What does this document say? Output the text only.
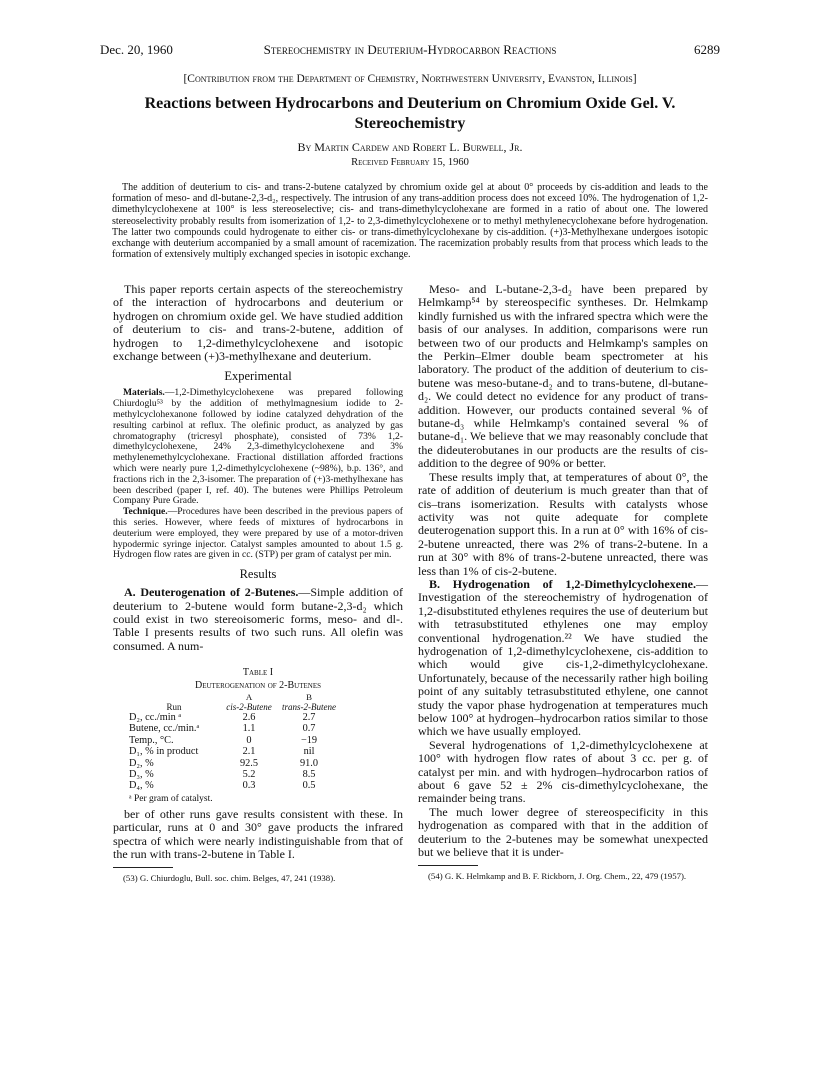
Dec. 20, 1960	Stereochemistry in Deuterium-Hydrocarbon Reactions	6289
[Contribution from the Department of Chemistry, Northwestern University, Evanston, Illinois]
Reactions between Hydrocarbons and Deuterium on Chromium Oxide Gel. V.
Stereochemistry
By Martin Cardew and Robert L. Burwell, Jr.
Received February 15, 1960

The addition of deuterium to cis- and trans-2-butene catalyzed by chromium oxide gel at about 0° proceeds by cis-addition and leads to the formation of meso- and dl-butane-2,3-d₂, respectively. The intrusion of any trans-addition process does not exceed 10%. The hydrogenation of 1,2-dimethylcyclohexene at 100° is less stereoselective; cis- and trans-dimethylcyclohexane are formed in a ratio of about one. The lowered stereoselectivity probably results from isomerization of 1,2- to 2,3-dimethylcyclohexene or to methyl methylenecyclohexane before hydrogenation. The latter two compounds could hydrogenate to either cis- or trans-dimethylcyclohexane by cis-addition. (+)3-Methylhexane undergoes isotopic exchange with deuterium accompanied by a small amount of racemization. The racemization probably results from that process which leads to the formation of extensively multiply exchanged species in isotopic exchange.

This paper reports certain aspects of the stereochemistry of the interaction of hydrocarbons and deuterium or hydrogen on chromium oxide gel. We have studied addition of deuterium to cis- and trans-2-butene, addition of hydrogen to 1,2-dimethylcyclohexene and isotopic exchange between (+)3-methylhexane and deuterium.

Experimental

Materials.—1,2-Dimethylcyclohexene was prepared following Chiurdoglu⁵³ by the addition of methylmagnesium iodide to 2-methylcyclohexanone followed by iodine catalyzed dehydration of the resulting carbinol at reflux. The olefinic product, as analyzed by gas chromatography (tricresyl phosphate), consisted of 73% 1,2-dimethylcyclohexene, 24% 2,3-dimethylcyclohexene and 3% methylenemethylcyclohexane. Fractional distillation afforded fractions which were nearly pure 1,2-dimethylcyclohexene (~98%), b.p. 136°, and fractions rich in the 2,3-isomer. The preparation of (+)3-methylhexane has been described (paper I, ref. 40). The butenes were Phillips Petroleum Company Pure Grade.

Technique.—Procedures have been described in the previous papers of this series. However, where feeds of mixtures of hydrocarbons in deuterium were employed, they were prepared by use of a motor-driven hypodermic syringe injector. Catalyst samples amounted to about 1.5 g. Hydrogen flow rates are given in cc. (STP) per gram of catalyst per min.

Results

A. Deuterogenation of 2-Butenes.—Simple addition of deuterium to 2-butene would form butane-2,3-d₂ which could exist in two stereoisomeric forms, meso- and dl-. Table I presents results of two such runs. All olefin was consumed. A num-

Table I
Deuterogenation of 2-Butenes
	A	B
Run	cis-2-Butene	trans-2-Butene
D₂, cc./min ᵃ	2.6	2.7
Butene, cc./min.ᵃ	1.1	0.7
Temp., °C.	0	−19
D₁, % in product	2.1	nil
D₂, %	92.5	91.0
D₃, %	5.2	8.5
D₄, %	0.3	0.5
ᵃ Per gram of catalyst.

ber of other runs gave results consistent with these. In particular, runs at 0 and 30° gave products the infrared spectra of which were nearly indistinguishable from that of the run with trans-2-butene in Table I.

(53) G. Chiurdoglu, Bull. soc. chim. Belges, 47, 241 (1938).

Meso- and L-butane-2,3-d₂ have been prepared by Helmkamp⁵⁴ by stereospecific syntheses. Dr. Helmkamp kindly furnished us with the infrared spectra which were the basis of our analyses. In addition, comparisons were run between two of our products and Helmkamp's samples on the Perkin–Elmer double beam spectrometer at his laboratory. The product of the addition of deuterium to cis-butene was meso-butane-d₂ and to trans-butene, dl-butane-d₂. We could detect no evidence for any product of trans-addition. However, our products contained several % of butane-d₃ while Helmkamp's contained several % of butane-d₁. We believe that we may reasonably conclude that the dideuterobutanes in our products are the results of cis-addition to the degree of 90% or better.

These results imply that, at temperatures of about 0°, the rate of addition of deuterium is much greater than that of cis–trans isomerization. Results with catalysts whose activity was not quite adequate for complete deuterogenation support this. In a run at 0° with 16% of cis-2-butene unreacted, there was 2% of trans-2-butene. In a run at 30° with 8% of trans-2-butene unreacted, there was less than 1% of cis-2-butene.

B. Hydrogenation of 1,2-Dimethylcyclohexene.—Investigation of the stereochemistry of hydrogenation of 1,2-disubstituted ethylenes requires the use of deuterium but with tetrasubstituted ethylenes one may employ conventional hydrogenation.²² We have studied the hydrogenation of 1,2-dimethylcyclohexene, cis-addition to which would give cis-1,2-dimethylcyclohexane. Unfortunately, because of the necessarily rather high boiling point of any suitably tetrasubstituted ethylene, one cannot study the vapor phase hydrogenation at temperatures much below 100° at hydrogen–hydrocarbon ratios similar to those which we have usually employed.

Several hydrogenations of 1,2-dimethylcyclohexene at 100° with hydrogen flow rates of about 3 cc. per g. of catalyst per min. and with hydrogen–hydrocarbon ratios of about 6 gave 52 ± 2% cis-dimethylcyclohexane, the remainder being trans.

The much lower degree of stereospecificity in this hydrogenation as compared with that in the addition of deuterium to the 2-butenes may be somewhat unexpected but we believe that it is under-

(54) G. K. Helmkamp and B. F. Rickborn, J. Org. Chem., 22, 479 (1957).
